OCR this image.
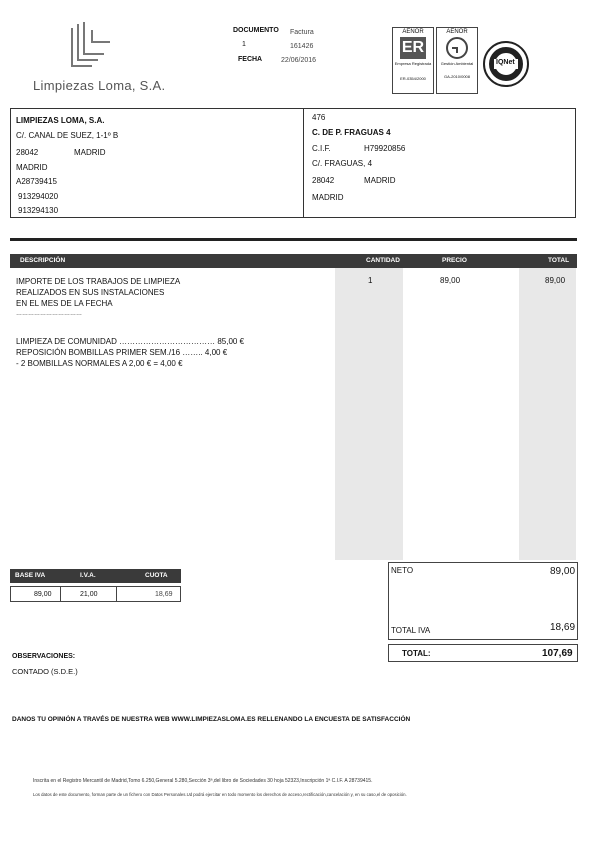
Limpiezas Loma, S.A.
DOCUMENTO Factura
1	161426
FECHA	22/06/2016
AENOR
ER
Empresa Registrada
ER-0354/2000
AENOR
Gestión Ambiental
GA-2010/0008
IQNet
LIMPIEZAS LOMA, S.A.
C/. CANAL DE SUEZ, 1-1º B
28042	MADRID
MADRID
A28739415
913294020
913294130
476
C. DE P. FRAGUAS 4
C.I.F.	H79920856
C/. FRAGUAS, 4
28042	MADRID
MADRID
DESCRIPCIÓN	CANTIDAD	PRECIO	TOTAL
IMPORTE DE LOS TRABAJOS DE LIMPIEZA
REALIZADOS EN SUS INSTALACIONES
EN EL MES DE LA FECHA
……………………………
1	89,00	89,00
LIMPIEZA DE COMUNIDAD ……………………………… 85,00 €
REPOSICIÓN BOMBILLAS PRIMER SEM./16 …….. 4,00 €
- 2 BOMBILLAS NORMALES A 2,00 € = 4,00 €
BASE IVA	I.V.A.	CUOTA
89,00	21,00	18,69
NETO	89,00
TOTAL IVA	18,69
TOTAL:	107,69
OBSERVACIONES:
CONTADO (S.D.E.)
DANOS TU OPINIÓN A TRAVÉS DE NUESTRA WEB WWW.LIMPIEZASLOMA.ES RELLENANDO LA ENCUESTA DE SATISFACCIÓN
Inscrita en el Registro Mercantil de Madrid,Tomo 6.250,General 5.280,Sección 3ª,del libro de Sociedades 30 hoja 52323,Inscripción 1ª C.I.F. A 28739415.
Los datos de este documento, forman parte de un fichero con Datos Personales.Ud podrá ejercitar en todo momento los derechos de acceso,rectificación,cancelación y, en su caso,el de oposición.
